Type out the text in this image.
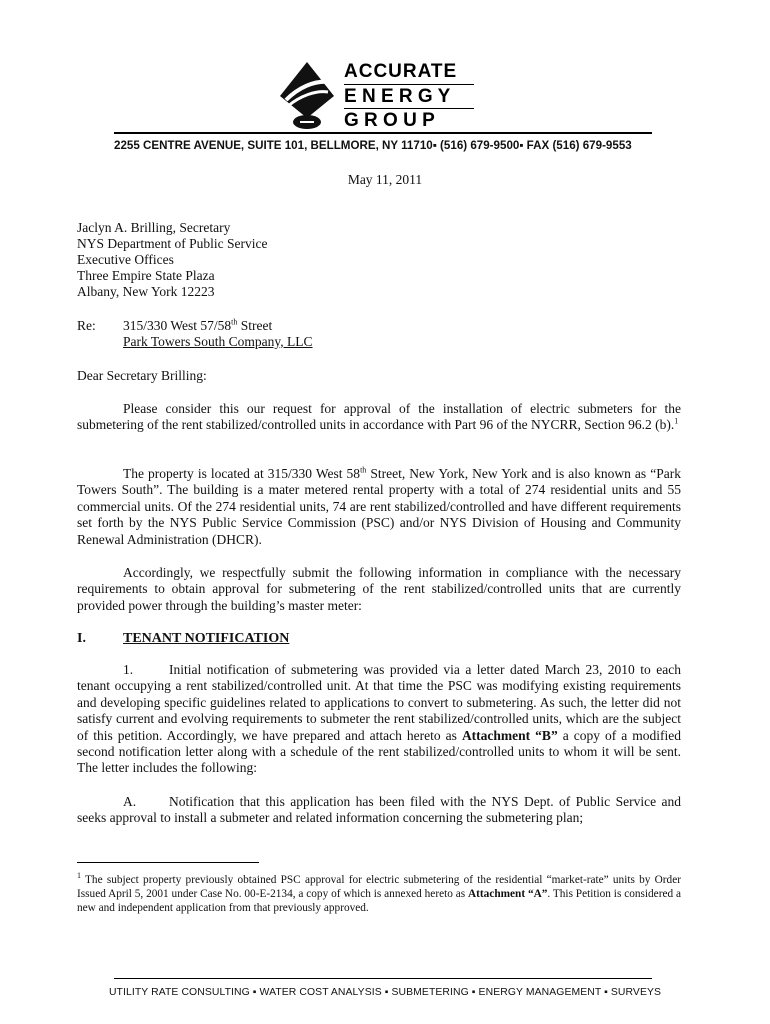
ACCURATE
E N E R G Y
G R O U P
2255 CENTRE AVENUE, SUITE 101, BELLMORE, NY 11710▪ (516) 679-9500▪ FAX (516) 679-9553
May 11, 2011
Jaclyn A. Brilling, Secretary
NYS Department of Public Service
Executive Offices
Three Empire State Plaza
Albany, New York 12223
Re: 315/330 West 57/58th Street
Park Towers South Company, LLC
Dear Secretary Brilling:
Please consider this our request for approval of the installation of electric submeters for the submetering of the rent stabilized/controlled units in accordance with Part 96 of the NYCRR, Section 96.2 (b).$^1$
The property is located at 315/330 West 58th Street, New York, New York and is also known as “Park Towers South”. The building is a mater metered rental property with a total of 274 residential units and 55 commercial units. Of the 274 residential units, 74 are rent stabilized/controlled and have different requirements set forth by the NYS Public Service Commission (PSC) and/or NYS Division of Housing and Community Renewal Administration (DHCR).
Accordingly, we respectfully submit the following information in compliance with the necessary requirements to obtain approval for submetering of the rent stabilized/controlled units that are currently provided power through the building’s master meter:
I.	TENANT NOTIFICATION
1.	Initial notification of submetering was provided via a letter dated March 23, 2010 to each tenant occupying a rent stabilized/controlled unit. At that time the PSC was modifying existing requirements and developing specific guidelines related to applications to convert to submetering. As such, the letter did not satisfy current and evolving requirements to submeter the rent stabilized/controlled units, which are the subject of this petition. Accordingly, we have prepared and attach hereto as Attachment “B” a copy of a modified second notification letter along with a schedule of the rent stabilized/controlled units to whom it will be sent. The letter includes the following:
A. Notification that this application has been filed with the NYS Dept. of Public Service and seeks approval to install a submeter and related information concerning the submetering plan;
$^1$ The subject property previously obtained PSC approval for electric submetering of the residential “market-rate” units by Order Issued April 5, 2001 under Case No. 00-E-2134, a copy of which is annexed hereto as Attachment “A”. This Petition is considered a new and independent application from that previously approved.
UTILITY RATE CONSULTING ▪ WATER COST ANALYSIS ▪ SUBMETERING ▪ ENERGY MANAGEMENT ▪ SURVEYS
